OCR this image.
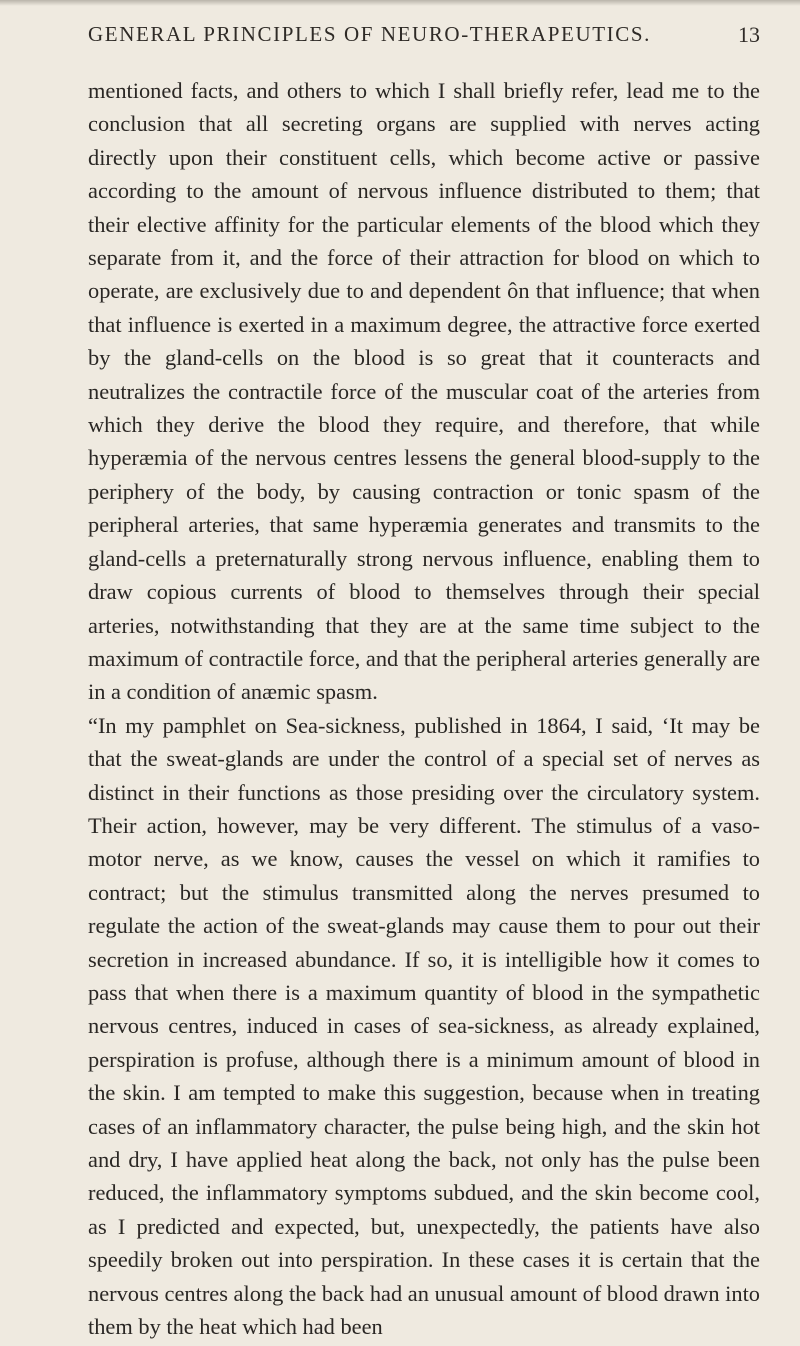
GENERAL PRINCIPLES OF NEURO-THERAPEUTICS.	13

mentioned facts, and others to which I shall briefly refer, lead me to the conclusion that all secreting organs are supplied with nerves acting directly upon their constituent cells, which become active or passive according to the amount of nervous influence distributed to them; that their elective affinity for the particular elements of the blood which they separate from it, and the force of their attraction for blood on which to operate, are exclusively due to and dependent ôn that influence; that when that influence is exerted in a maximum degree, the attractive force exerted by the gland-cells on the blood is so great that it counteracts and neutralizes the contractile force of the muscular coat of the arteries from which they derive the blood they require, and therefore, that while hyperæmia of the nervous centres lessens the general blood-supply to the periphery of the body, by causing contraction or tonic spasm of the peripheral arteries, that same hyperæmia generates and transmits to the gland-cells a preternaturally strong nervous influence, enabling them to draw copious currents of blood to themselves through their special arteries, notwithstanding that they are at the same time subject to the maximum of contractile force, and that the peripheral arteries generally are in a condition of anæmic spasm.

“In my pamphlet on Sea-sickness, published in 1864, I said, ‘It may be that the sweat-glands are under the control of a special set of nerves as distinct in their functions as those presiding over the circulatory system. Their action, however, may be very different. The stimulus of a vaso-motor nerve, as we know, causes the vessel on which it ramifies to contract; but the stimulus transmitted along the nerves presumed to regulate the action of the sweat-glands may cause them to pour out their secretion in increased abundance. If so, it is intelligible how it comes to pass that when there is a maximum quantity of blood in the sympathetic nervous centres, induced in cases of sea-sickness, as already explained, perspiration is profuse, although there is a minimum amount of blood in the skin. I am tempted to make this suggestion, because when in treating cases of an inflammatory character, the pulse being high, and the skin hot and dry, I have applied heat along the back, not only has the pulse been reduced, the inflammatory symptoms subdued, and the skin become cool, as I predicted and expected, but, unexpectedly, the patients have also speedily broken out into perspiration. In these cases it is certain that the nervous centres along the back had an unusual amount of blood drawn into them by the heat which had been
